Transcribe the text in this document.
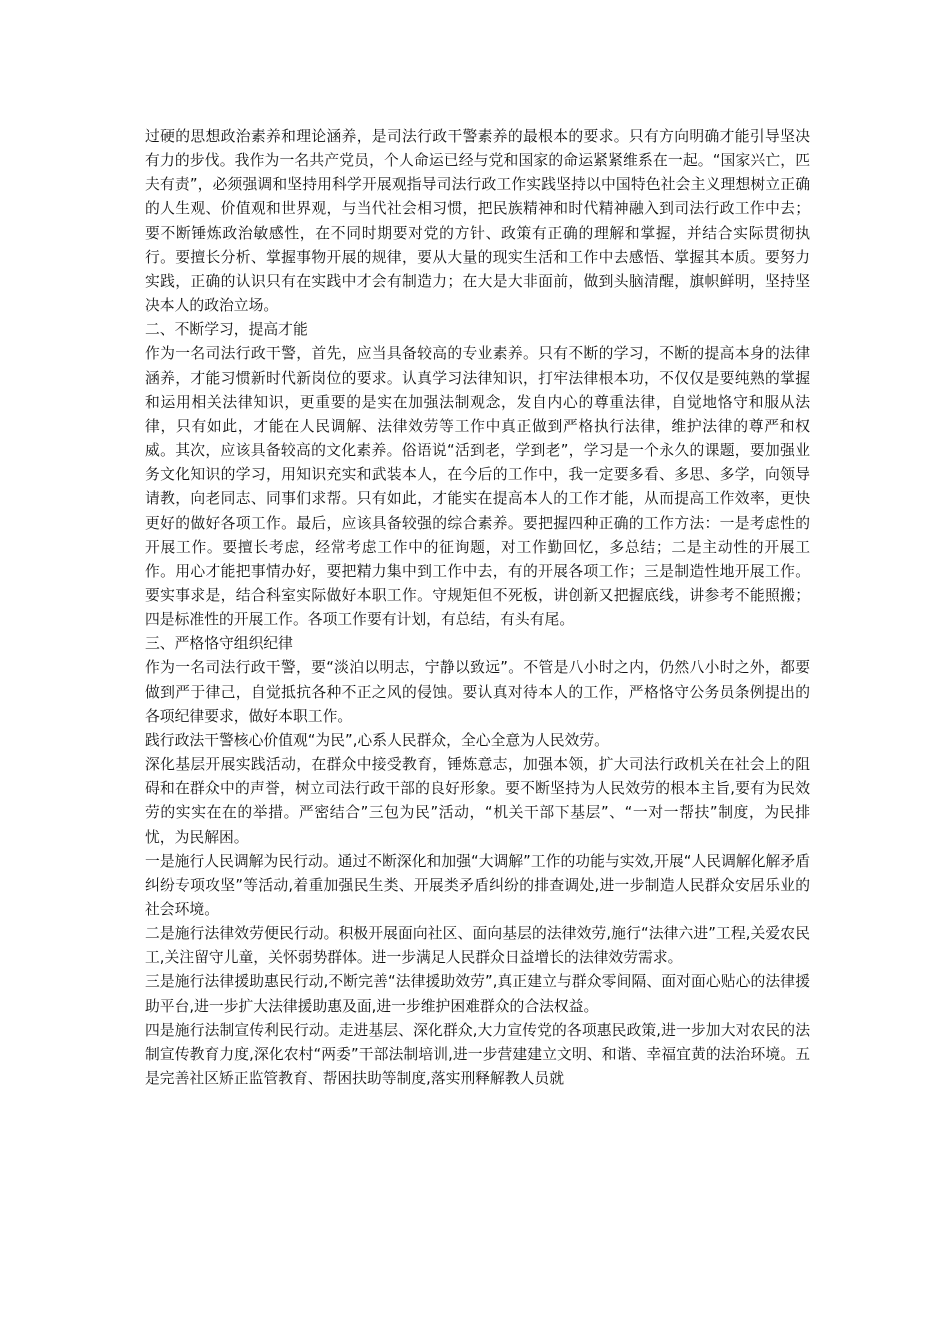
过硬的思想政治素养和理论涵养，是司法行政干警素养的最根本的要求。只有方向明确才能引导坚决有力的步伐。我作为一名共产党员，个人命运已经与党和国家的命运紧紧维系在一起。“国家兴亡，匹夫有责”，必须强调和坚持用科学开展观指导司法行政工作实践坚持以中国特色社会主义理想树立正确的人生观、价值观和世界观，与当代社会相习惯，把民族精神和时代精神融入到司法行政工作中去；要不断锤炼政治敏感性，在不同时期要对党的方针、政策有正确的理解和掌握，并结合实际贯彻执行。要擅长分析、掌握事物开展的规律，要从大量的现实生活和工作中去感悟、掌握其本质。要努力实践，正确的认识只有在实践中才会有制造力；在大是大非面前，做到头脑清醒，旗帜鲜明，坚持坚决本人的政治立场。

二、不断学习，提高才能

作为一名司法行政干警，首先，应当具备较高的专业素养。只有不断的学习，不断的提高本身的法律涵养，才能习惯新时代新岗位的要求。认真学习法律知识，打牢法律根本功，不仅仅是要纯熟的掌握和运用相关法律知识，更重要的是实在加强法制观念，发自内心的尊重法律，自觉地恪守和服从法律，只有如此，才能在人民调解、法律效劳等工作中真正做到严格执行法律，维护法律的尊严和权威。其次，应该具备较高的文化素养。俗语说“活到老，学到老”，学习是一个永久的课题，要加强业务文化知识的学习，用知识充实和武装本人，在今后的工作中，我一定要多看、多思、多学，向领导请教，向老同志、同事们求帮。只有如此，才能实在提高本人的工作才能，从而提高工作效率，更快更好的做好各项工作。最后，应该具备较强的综合素养。要把握四种正确的工作方法：一是考虑性的开展工作。要擅长考虑，经常考虑工作中的征询题，对工作勤回忆，多总结；二是主动性的开展工作。用心才能把事情办好，要把精力集中到工作中去，有的开展各项工作；三是制造性地开展工作。要实事求是，结合科室实际做好本职工作。守规矩但不死板，讲创新又把握底线，讲参考不能照搬；四是标准性的开展工作。各项工作要有计划，有总结，有头有尾。

三、严格恪守组织纪律

作为一名司法行政干警，要“淡泊以明志，宁静以致远”。不管是八小时之内，仍然八小时之外，都要做到严于律己，自觉抵抗各种不正之风的侵蚀。要认真对待本人的工作，严格恪守公务员条例提出的各项纪律要求，做好本职工作。

践行政法干警核心价值观“为民”,心系人民群众，全心全意为人民效劳。

深化基层开展实践活动，在群众中接受教育，锤炼意志，加强本领，扩大司法行政机关在社会上的阻碍和在群众中的声誉，树立司法行政干部的良好形象。要不断坚持为人民效劳的根本主旨,要有为民效劳的实实在在的举措。严密结合”三包为民”活动，“机关干部下基层”、“一对一帮扶”制度，为民排忧，为民解困。

一是施行人民调解为民行动。通过不断深化和加强“大调解”工作的功能与实效,开展“人民调解化解矛盾纠纷专项攻坚”等活动,着重加强民生类、开展类矛盾纠纷的排查调处,进一步制造人民群众安居乐业的社会环境。

二是施行法律效劳便民行动。积极开展面向社区、面向基层的法律效劳,施行“法律六进”工程,关爱农民工,关注留守儿童，关怀弱势群体。进一步满足人民群众日益增长的法律效劳需求。

三是施行法律援助惠民行动,不断完善“法律援助效劳”,真正建立与群众零间隔、面对面心贴心的法律援助平台,进一步扩大法律援助惠及面,进一步维护困难群众的合法权益。

四是施行法制宣传利民行动。走进基层、深化群众,大力宣传党的各项惠民政策,进一步加大对农民的法制宣传教育力度,深化农村“两委”干部法制培训,进一步营建建立文明、和谐、幸福宜黄的法治环境。五是完善社区矫正监管教育、帮困扶助等制度,落实刑释解教人员就
